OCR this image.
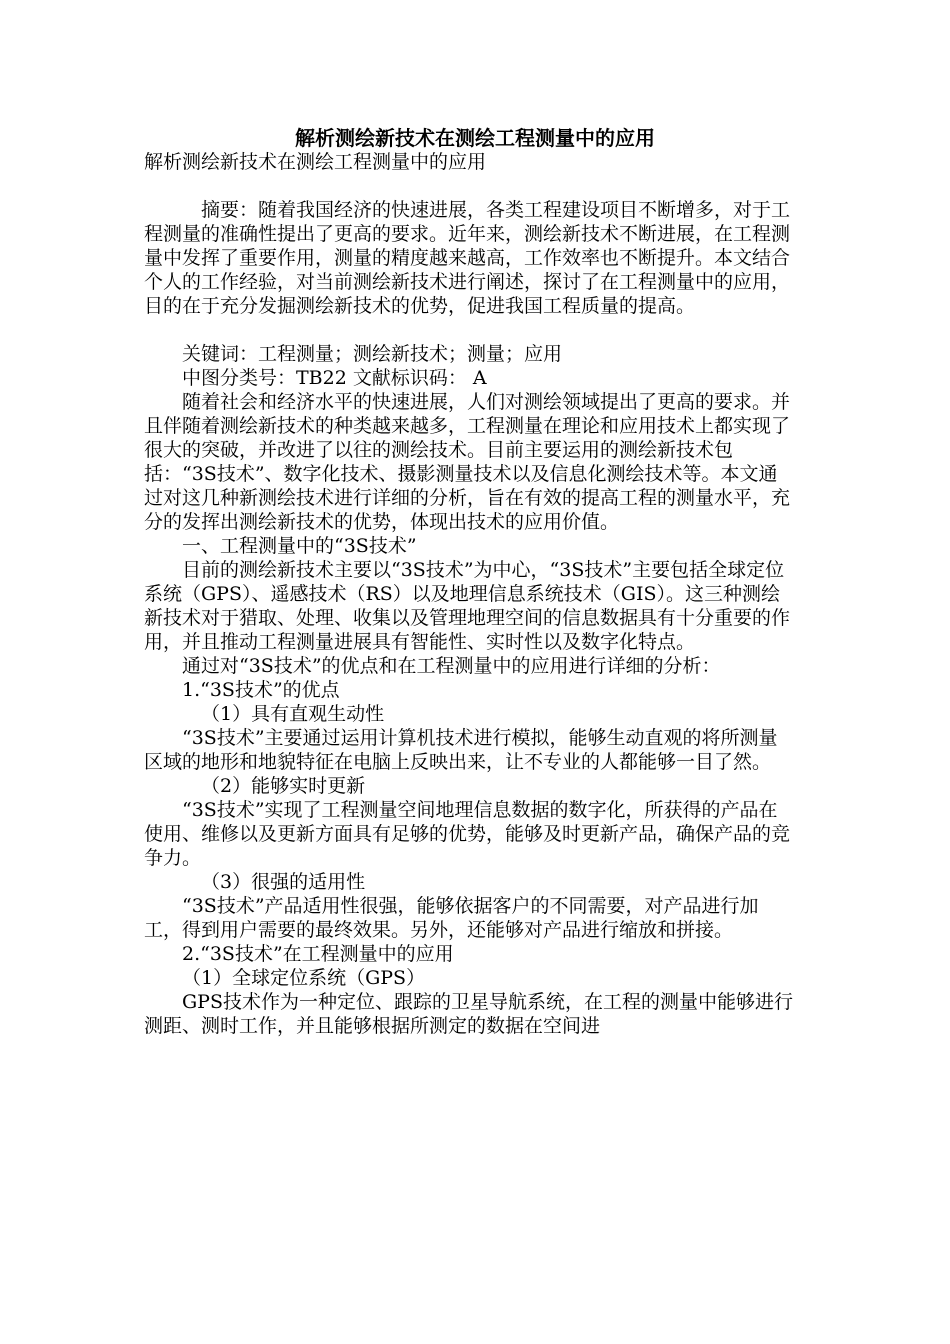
解析测绘新技术在测绘工程测量中的应用
解析测绘新技术在测绘工程测量中的应用

摘要：随着我国经济的快速进展，各类工程建设项目不断增多，对于工程测量的准确性提出了更高的要求。近年来，测绘新技术不断进展，在工程测量中发挥了重要作用，测量的精度越来越高，工作效率也不断提升。本文结合个人的工作经验，对当前测绘新技术进行阐述，探讨了在工程测量中的应用，目的在于充分发掘测绘新技术的优势，促进我国工程质量的提高。

关键词：工程测量；测绘新技术；测量；应用

中图分类号：TB22 文献标识码： A

随着社会和经济水平的快速进展，人们对测绘领域提出了更高的要求。并且伴随着测绘新技术的种类越来越多，工程测量在理论和应用技术上都实现了很大的突破，并改进了以往的测绘技术。目前主要运用的测绘新技术包括：“3S技术”、数字化技术、摄影测量技术以及信息化测绘技术等。本文通过对这几种新测绘技术进行详细的分析，旨在有效的提高工程的测量水平，充分的发挥出测绘新技术的优势，体现出技术的应用价值。

一、工程测量中的“3S技术”

目前的测绘新技术主要以“3S技术”为中心，“3S技术”主要包括全球定位系统（GPS）、遥感技术（RS）以及地理信息系统技术（GIS）。这三种测绘新技术对于猎取、处理、收集以及管理地理空间的信息数据具有十分重要的作用，并且推动工程测量进展具有智能性、实时性以及数字化特点。

通过对“3S技术”的优点和在工程测量中的应用进行详细的分析：

1.“3S技术”的优点

（1）具有直观生动性

“3S技术”主要通过运用计算机技术进行模拟，能够生动直观的将所测量区域的地形和地貌特征在电脑上反映出来，让不专业的人都能够一目了然。

（2）能够实时更新

“3S技术”实现了工程测量空间地理信息数据的数字化，所获得的产品在使用、维修以及更新方面具有足够的优势，能够及时更新产品，确保产品的竞争力。

（3）很强的适用性

“3S技术”产品适用性很强，能够依据客户的不同需要，对产品进行加工，得到用户需要的最终效果。另外，还能够对产品进行缩放和拼接。

2.“3S技术”在工程测量中的应用

（1）全球定位系统（GPS）

GPS技术作为一种定位、跟踪的卫星导航系统，在工程的测量中能够进行测距、测时工作，并且能够根据所测定的数据在空间进
